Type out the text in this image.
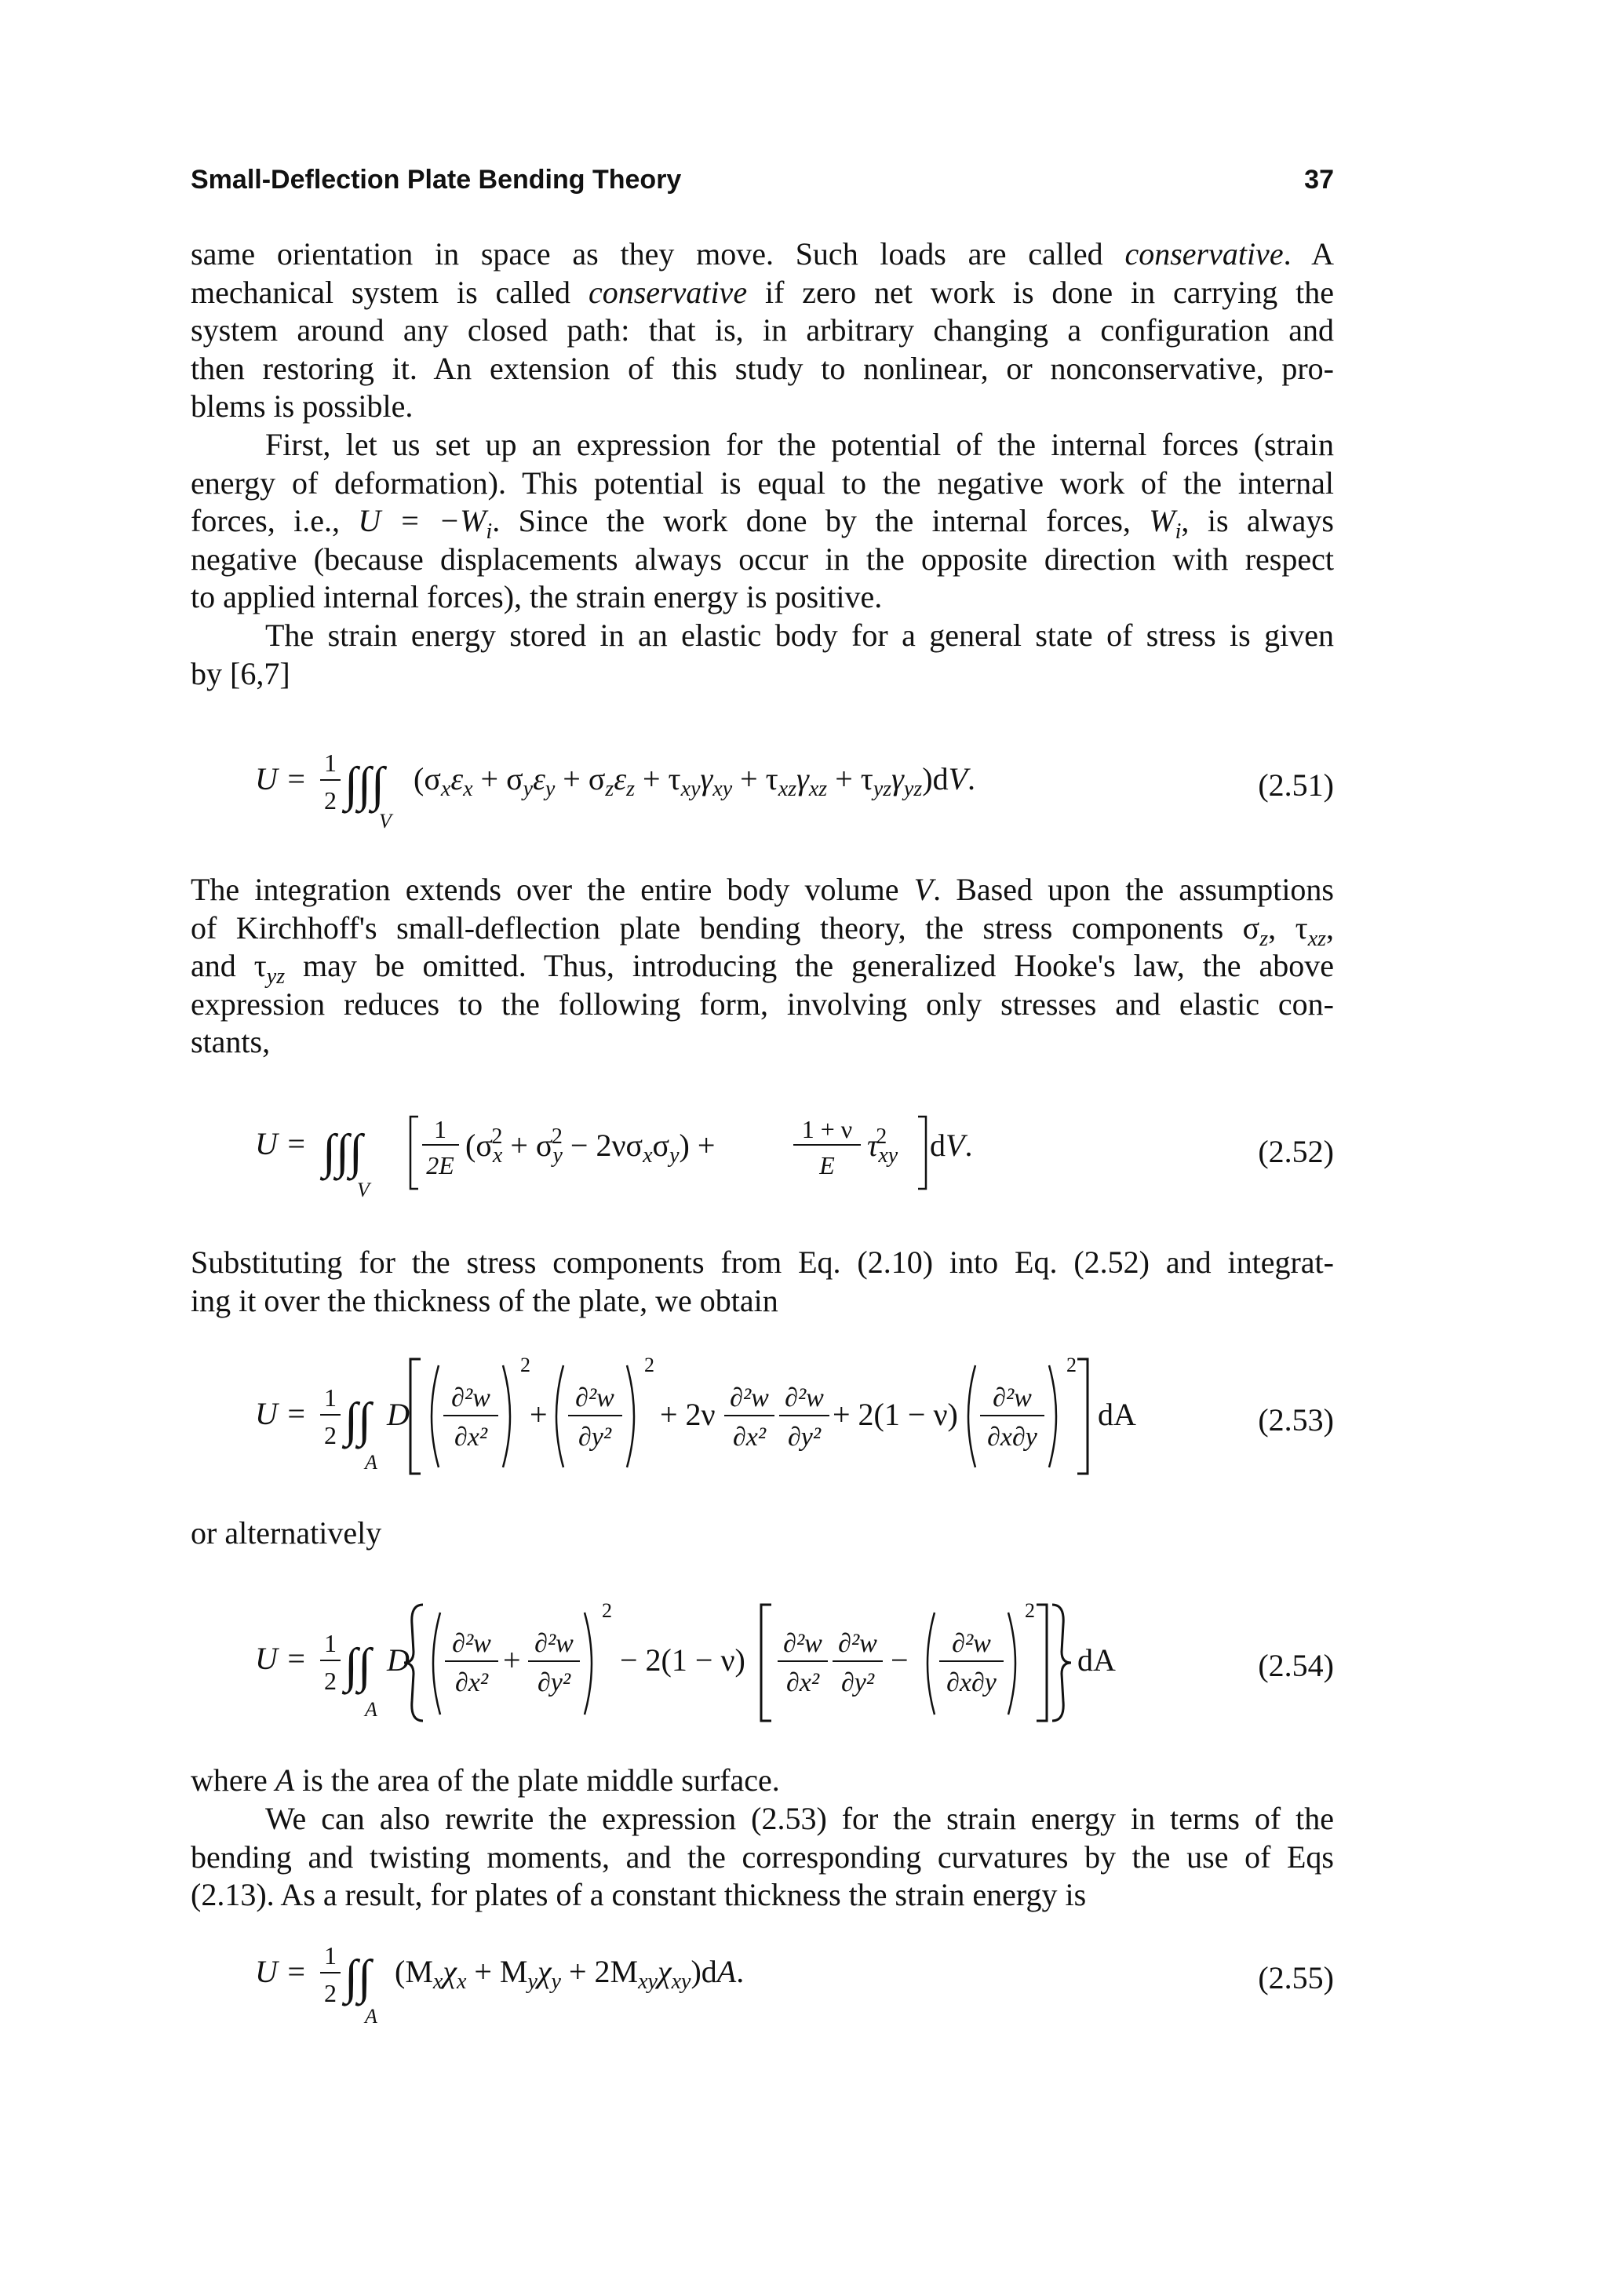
Small-Deflection Plate Bending Theory	37
same orientation in space as they move. Such loads are called conservative. A
mechanical system is called conservative if zero net work is done in carrying the
system around any closed path: that is, in arbitrary changing a configuration and
then restoring it. An extension of this study to nonlinear, or nonconservative, pro-
blems is possible.
First, let us set up an expression for the potential of the internal forces (strain
energy of deformation). This potential is equal to the negative work of the internal
forces, i.e., $U = -W_i$. Since the work done by the internal forces, $W_i$, is always
negative (because displacements always occur in the opposite direction with respect
to applied internal forces), the strain energy is positive.
The strain energy stored in an elastic body for a general state of stress is given
by [6,7]
U = 1
2 ∫∫∫
V
$(\sigma_x\varepsilon_x + \sigma_y\varepsilon_y + \sigma_z\varepsilon_z + \tau_{xy}\gamma_{xy} + \tau_{xz}\gamma_{xz} + \tau_{yz}\gamma_{yz})dV$.	(2.51)
The integration extends over the entire body volume V. Based upon the assumptions
of Kirchhoff's small-deflection plate bending theory, the stress components $\sigma_z$, $\tau_{xz}$,
and $\tau_{yz}$ may be omitted. Thus, introducing the generalized Hooke's law, the above
expression reduces to the following form, involving only stresses and elastic con-
stants,
U = ∫∫∫
V
1
2E
$(\sigma_x2 + \sigma_y2 - 2\nu\sigma_x\sigma_y)$ +	1 + ν
E
$\tau_{xy}2$	dV.	(2.52)
Substituting for the stress components from Eq. (2.10) into Eq. (2.52) and integrat-
ing it over the thickness of the plate, we obtain
U = 1
2 ∫∫
A
D ∂²w
∂x²
2
+ ∂²w
∂y²
2
+ 2ν ∂²w
∂x²
∂²w
∂y²
+ 2(1 − ν) ∂²w
∂x∂y
2
dA	(2.53)
or alternatively
U = 1
2 ∫∫
A
D ∂²w
∂x²
+ ∂²w
∂y²
2
− 2(1 − ν) ∂²w
∂x²
∂²w
∂y²
− ∂²w
∂x∂y
2
dA	(2.54)
where A is the area of the plate middle surface.
We can also rewrite the expression (2.53) for the strain energy in terms of the
bending and twisting moments, and the corresponding curvatures by the use of Eqs
(2.13). As a result, for plates of a constant thickness the strain energy is
U = 1
2 ∫∫
A
$(M_x\chi_x + M_y\chi_y + 2M_{xy}\chi_{xy})dA$.	(2.55)
